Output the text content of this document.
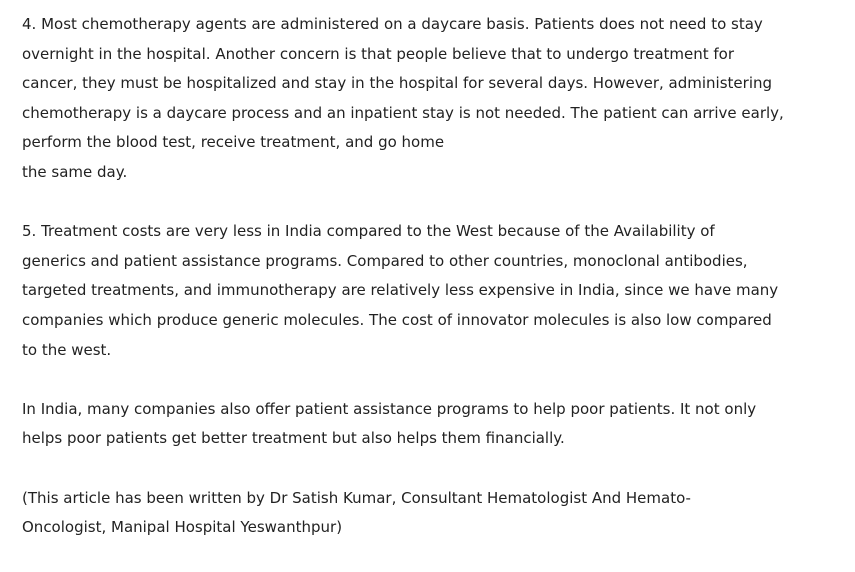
4. Most chemotherapy agents are administered on a daycare basis. Patients does not need to stay
overnight in the hospital. Another concern is that people believe that to undergo treatment for
cancer, they must be hospitalized and stay in the hospital for several days. However, administering
chemotherapy is a daycare process and an inpatient stay is not needed. The patient can arrive early,
perform the blood test, receive treatment, and go home
the same day.

5. Treatment costs are very less in India compared to the West because of the Availability of
generics and patient assistance programs. Compared to other countries, monoclonal antibodies,
targeted treatments, and immunotherapy are relatively less expensive in India, since we have many
companies which produce generic molecules. The cost of innovator molecules is also low compared
to the west.

In India, many companies also offer patient assistance programs to help poor patients. It not only
helps poor patients get better treatment but also helps them financially.

(This article has been written by Dr Satish Kumar, Consultant Hematologist And Hemato-
Oncologist, Manipal Hospital Yeswanthpur)
